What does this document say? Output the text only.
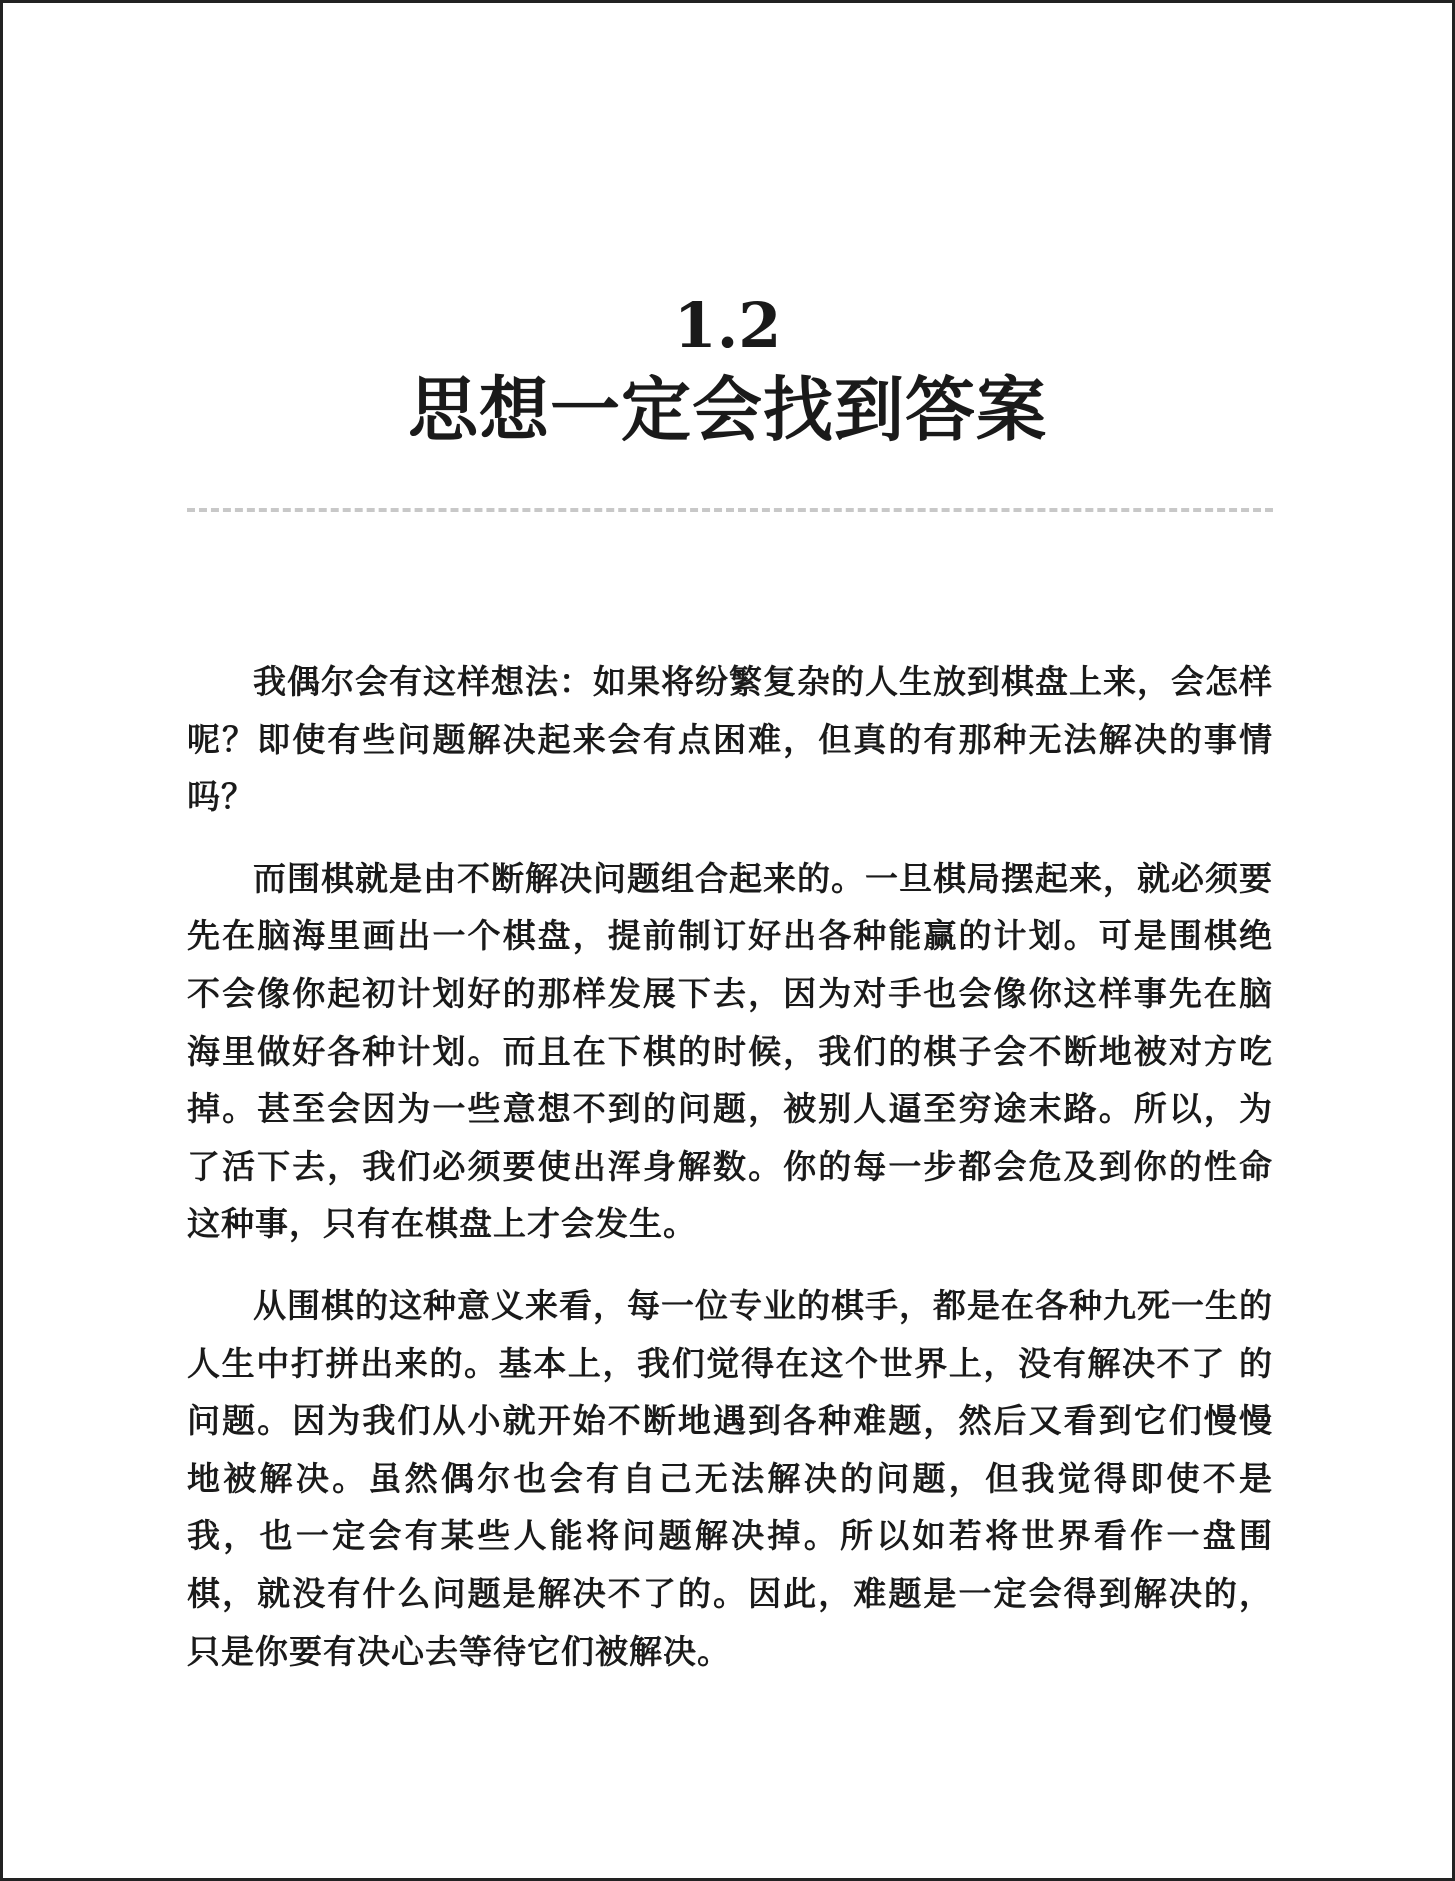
1.2
思想一定会找到答案

我偶尔会有这样想法：如果将纷繁复杂的人生放到棋盘上来，会怎样呢？即使有些问题解决起来会有点困难，但真的有那种无法解决的事情吗？

而围棋就是由不断解决问题组合起来的。一旦棋局摆起来，就必须要先在脑海里画出一个棋盘，提前制订好出各种能赢的计划。可是围棋绝不会像你起初计划好的那样发展下去，因为对手也会像你这样事先在脑海里做好各种计划。而且在下棋的时候，我们的棋子会不断地被对方吃掉。甚至会因为一些意想不到的问题，被别人逼至穷途末路。所以，为了活下去，我们必须要使出浑身解数。你的每一步都会危及到你的性命这种事，只有在棋盘上才会发生。

从围棋的这种意义来看，每一位专业的棋手，都是在各种九死一生的人生中打拼出来的。基本上，我们觉得在这个世界上，没有解决不了 的问题。因为我们从小就开始不断地遇到各种难题，然后又看到它们慢慢地被解决。虽然偶尔也会有自己无法解决的问题，但我觉得即使不是我，也一定会有某些人能将问题解决掉。所以如若将世界看作一盘围棋，就没有什么问题是解决不了的。因此，难题是一定会得到解决的，只是你要有决心去等待它们被解决。
